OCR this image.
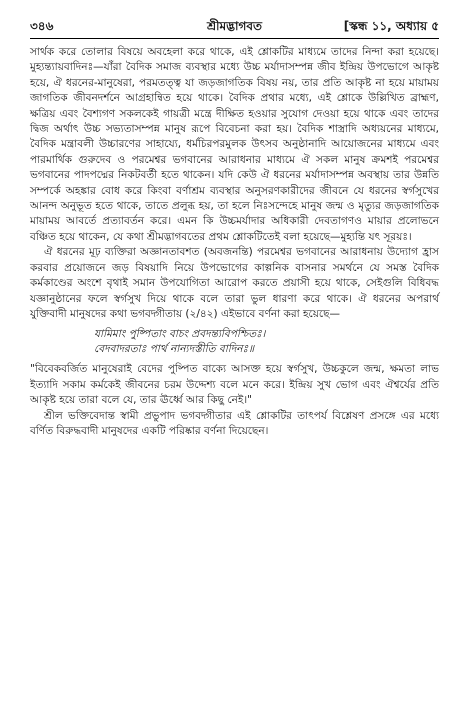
৩৪৬	শ্রীমদ্ভাগবত	[স্কন্ধ ১১, অধ্যায় ৫

সার্থক করে তোলার বিষয়ে অবহেলা করে থাকে, এই শ্লোকটির মাধ্যমে তাদের নিন্দা করা হয়েছে। মুহ্যন্ত্যায়বাদিনঃ—যাঁরা বৈদিক সমাজ ব্যবস্থার মধ্যে উচ্চ মর্যাদাসম্পন্ন জীব ইন্দ্রিয় উপভোগে আকৃষ্ট হয়ে, ঐ ধরনের-মানুষেরা, পরমতত্ত্ব যা জড়জাগতিক বিষয় নয়, তার প্রতি আকৃষ্ট না হয়ে মায়াময় জাগতিক জীবনদর্শনে আগ্রহান্বিত হয়ে থাকে। বৈদিক প্রথার মধ্যে, এই শ্লোকে উল্লিখিত ব্রাহ্মণ, ক্ষত্রিয় এবং বৈশ্যগণ সকলকেই গায়ত্রী মন্ত্রে দীক্ষিত হওয়ার সুযোগ দেওয়া হয়ে থাকে এবং তাদের দ্বিজ অর্থাৎ উচ্চ সভ্যতাসম্পন্ন মানুষ রূপে বিবেচনা করা হয়। বৈদিক শাস্ত্রাদি অধ্যয়নের মাধ্যমে, বৈদিক মন্ত্রাবলী উচ্চারণের সাহায্যে, ধর্মচিরপরমুলক উৎসব অনুষ্ঠানাদি আয়োজনের মাধ্যমে এবং পারমার্থিক গুরুদেব ও পরমেশ্বর ভগবানের আরাধনার মাধ্যমে ঐ সকল মানুষ ক্রমশই পরমেশ্বর ভগবানের পাদপদ্মের নিকটবর্তী হতে থাকেন। যদি কেউ ঐ ধরনের মর্যাদাসম্পন্ন অবস্থায় তার উন্নতি সম্পর্কে অহঙ্কার বোধ করে কিংবা বর্ণাশ্রম ব্যবস্থার অনুসরণকারীদের জীবনে যে ধরনের স্বর্গসুখের আনন্দ অনুভূত হতে থাকে, তাতে প্রলুব্ধ হয়, তা হলে নিঃসন্দেহে মানুষ জন্ম ও মৃত্যুর জড়জাগতিক মায়াময় আবর্তে প্রত্যাবর্তন করে। এমন কি উচ্চমর্যাদার অধিকারী দেবতাগণও মায়ার প্রলোভনে বঞ্চিত হয়ে থাকেন, যে কথা শ্রীমদ্ভাগবতের প্রথম শ্লোকটিতেই বলা হয়েছে—মুহ্যন্তি যৎ সূরয়ঃ।

ঐ ধরনের মূঢ় ব্যক্তিরা অজ্ঞানতাবশত (অবজনন্তি) পরমেশ্বর ভগবানের আরাধনায় উদ্যোগ হ্রাস করবার প্রয়োজনে জড় বিষয়াদি নিয়ে উপভোগের কাল্পনিক বাসনার সমর্থনে যে সমস্ত বৈদিক কর্মকাণ্ডের অংশে বৃথাই সমান উপযোগিতা আরোপ করতে প্রয়াসী হয়ে থাকে, সেইগুলি বিধিবদ্ধ যজ্ঞানুষ্ঠানের ফলে স্বর্গসুখ দিয়ে থাকে বলে তারা ভুল ধারণা করে থাকে। ঐ ধরনের অপরার্থ যুক্তিবাদী মানুষদের কথা ভগবদ্গীতায় (২/৪২) এইভাবে বর্ণনা করা হয়েছে—

যামিমাং পুষ্পিতাং বাচং প্রবদন্ত্যবিপশ্চিতঃ।
বেদবাদরতাঃ পার্থ নান্যদস্তীতি বাদিনঃ॥

"বিবেকবর্জিত মানুষেরাই বেদের পুষ্পিত বাক্যে আসক্ত হয়ে স্বর্গসুখ, উচ্চকুলে জন্ম, ক্ষমতা লাভ ইত্যাদি সকাম কর্মকেই জীবনের চরম উদ্দেশ্য বলে মনে করে। ইন্দ্রিয় সুখ ভোগ এবং ঐশ্বর্যের প্রতি আকৃষ্ট হয়ে তারা বলে যে, তার ঊর্ধ্বে আর কিছু নেই।"

শ্রীল ভক্তিবেদান্ত স্বামী প্রভুপাদ ভগবদ্গীতার এই শ্লোকটির তাৎপর্য বিশ্লেষণ প্রসঙ্গে এর মধ্যে বর্ণিত বিরুদ্ধবাদী মানুষদের একটি পরিষ্কার বর্ণনা দিয়েছেন।
